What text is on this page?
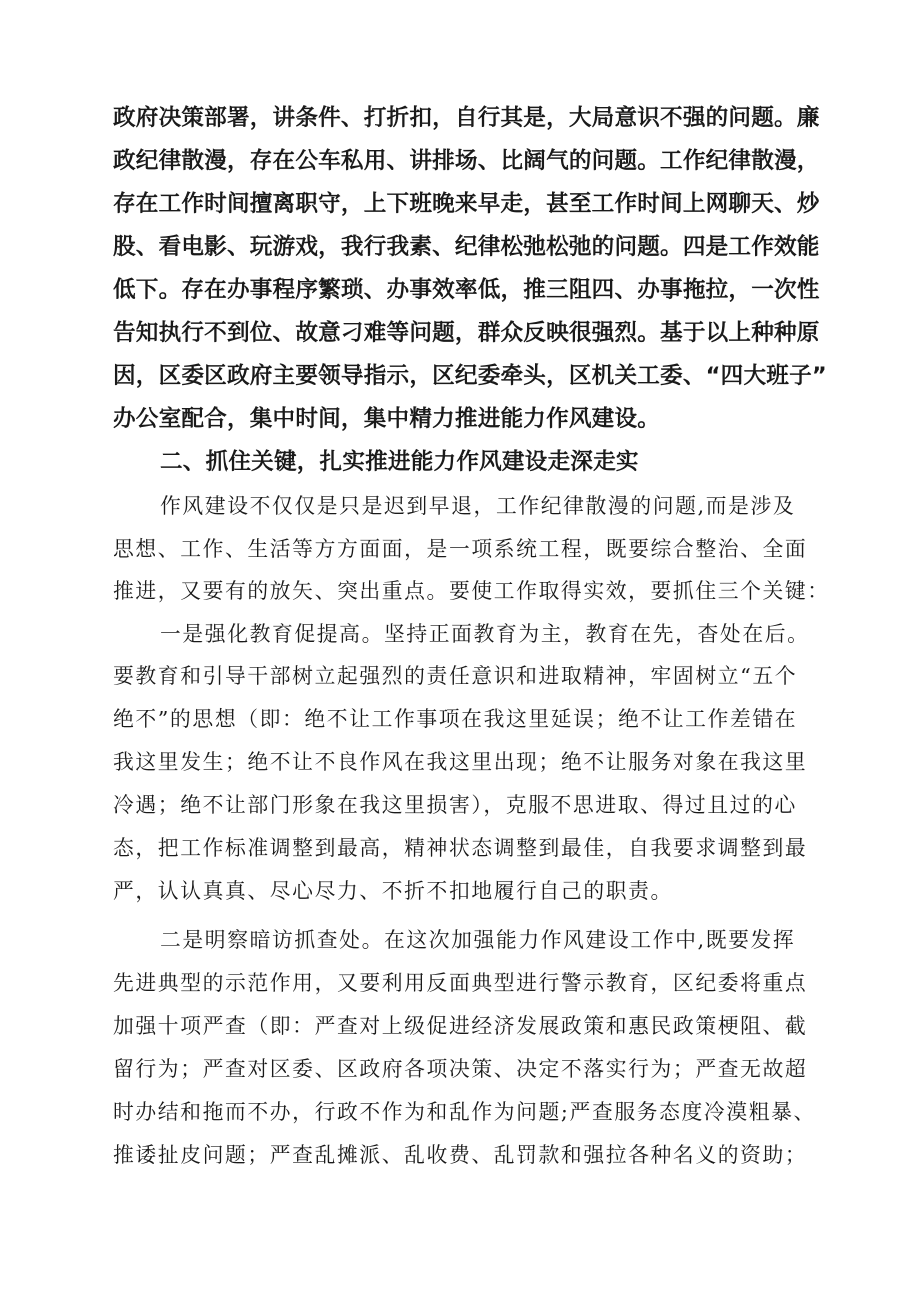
政府决策部署，讲条件、打折扣，自行其是，大局意识不强的问题。廉
政纪律散漫，存在公车私用、讲排场、比阔气的问题。工作纪律散漫，
存在工作时间擅离职守，上下班晚来早走，甚至工作时间上网聊天、炒
股、看电影、玩游戏，我行我素、纪律松弛松弛的问题。四是工作效能
低下。存在办事程序繁琐、办事效率低，推三阻四、办事拖拉，一次性
告知执行不到位、故意刁难等问题，群众反映很强烈。基于以上种种原
因，区委区政府主要领导指示，区纪委牵头，区机关工委、“四大班子”
办公室配合，集中时间，集中精力推进能力作风建设。
二、抓住关键，扎实推进能力作风建设走深走实
作风建设不仅仅是只是迟到早退，工作纪律散漫的问题,而是涉及
思想、工作、生活等方方面面，是一项系统工程，既要综合整治、全面
推进，又要有的放矢、突出重点。要使工作取得实效，要抓住三个关键：
一是强化教育促提高。坚持正面教育为主，教育在先，杳处在后。
要教育和引导干部树立起强烈的责任意识和进取精神，牢固树立“五个
绝不”的思想（即：绝不让工作事项在我这里延误；绝不让工作差错在
我这里发生；绝不让不良作风在我这里出现；绝不让服务对象在我这里
冷遇；绝不让部门形象在我这里损害），克服不思进取、得过且过的心
态，把工作标准调整到最高，精神状态调整到最佳，自我要求调整到最
严，认认真真、尽心尽力、不折不扣地履行自己的职责。
二是明察暗访抓查处。在这次加强能力作风建设工作中,既要发挥
先进典型的示范作用，又要利用反面典型进行警示教育，区纪委将重点
加强十项严查（即：严查对上级促进经济发展政策和惠民政策梗阻、截
留行为；严查对区委、区政府各项决策、决定不落实行为；严查无故超
时办结和拖而不办，行政不作为和乱作为问题;严查服务态度冷漠粗暴、
推诿扯皮问题；严查乱摊派、乱收费、乱罚款和强拉各种名义的资助；
